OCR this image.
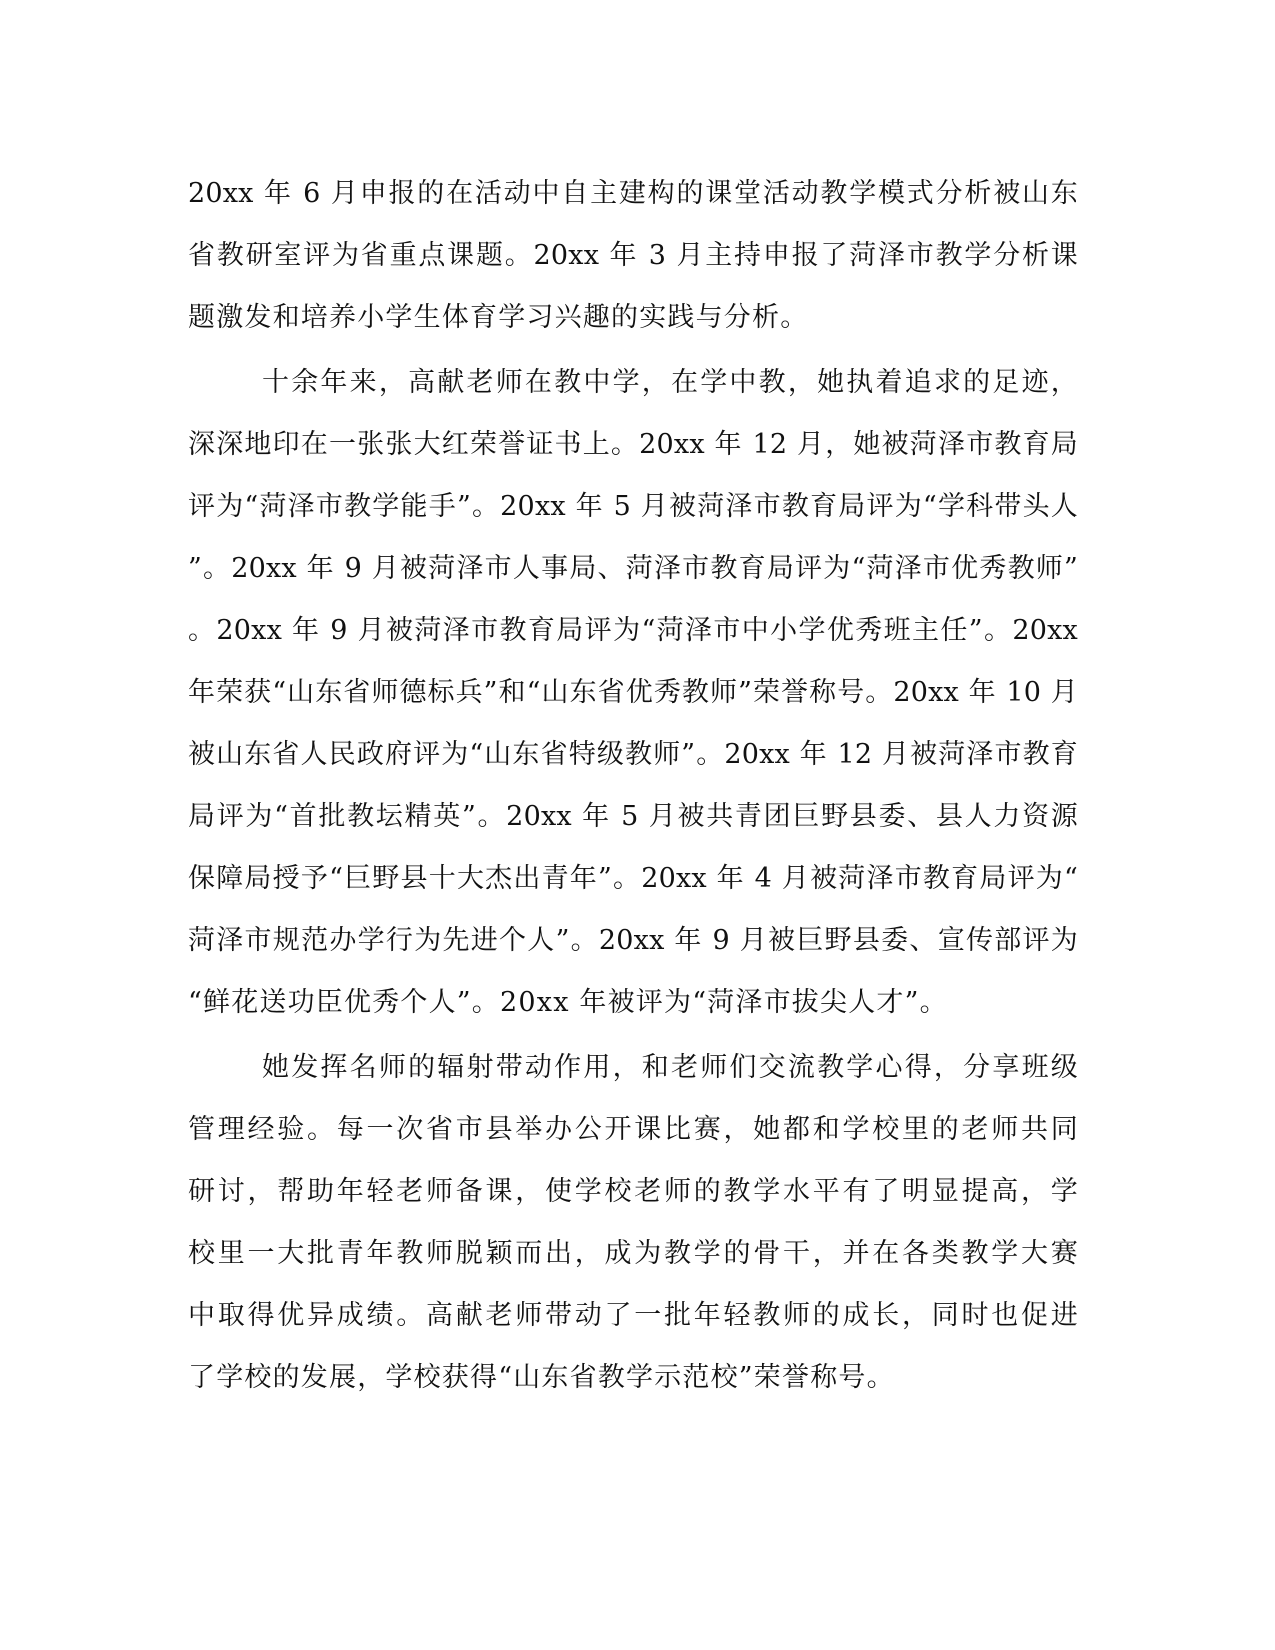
20xx 年 6 月申报的在活动中自主建构的课堂活动教学模式分析被山东
省教研室评为省重点课题。20xx 年 3 月主持申报了菏泽市教学分析课
题激发和培养小学生体育学习兴趣的实践与分析。
十余年来，高献老师在教中学，在学中教，她执着追求的足迹，
深深地印在一张张大红荣誉证书上。20xx 年 12 月，她被菏泽市教育局
评为“菏泽市教学能手”。20xx 年 5 月被菏泽市教育局评为“学科带头人
”。20xx 年 9 月被菏泽市人事局、菏泽市教育局评为“菏泽市优秀教师”
。20xx 年 9 月被菏泽市教育局评为“菏泽市中小学优秀班主任”。20xx
年荣获“山东省师德标兵”和“山东省优秀教师”荣誉称号。20xx 年 10 月
被山东省人民政府评为“山东省特级教师”。20xx 年 12 月被菏泽市教育
局评为“首批教坛精英”。20xx 年 5 月被共青团巨野县委、县人力资源
保障局授予“巨野县十大杰出青年”。20xx 年 4 月被菏泽市教育局评为“
菏泽市规范办学行为先进个人”。20xx 年 9 月被巨野县委、宣传部评为
“鲜花送功臣优秀个人”。20xx 年被评为“菏泽市拔尖人才”。
她发挥名师的辐射带动作用，和老师们交流教学心得，分享班级
管理经验。每一次省市县举办公开课比赛，她都和学校里的老师共同
研讨，帮助年轻老师备课，使学校老师的教学水平有了明显提高，学
校里一大批青年教师脱颖而出，成为教学的骨干，并在各类教学大赛
中取得优异成绩。高献老师带动了一批年轻教师的成长，同时也促进
了学校的发展，学校获得“山东省教学示范校”荣誉称号。
